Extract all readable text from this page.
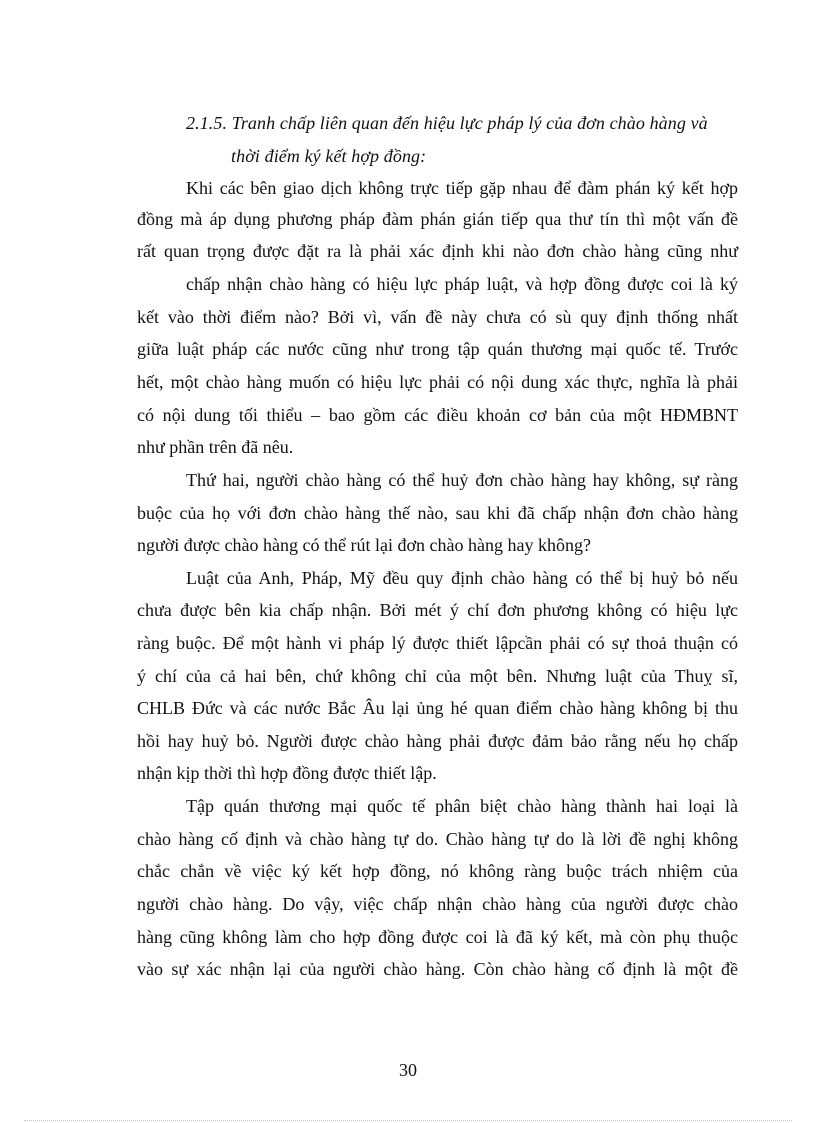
2.1.5. Tranh chấp liên quan đến hiệu lực pháp lý của đơn chào hàng và
thời điểm ký kết hợp đồng:
Khi các bên giao dịch không trực tiếp gặp nhau để đàm phán ký kết hợp
đồng mà áp dụng phương pháp đàm phán gián tiếp qua thư tín thì một vấn đề
rất quan trọng được đặt ra là phải xác định khi nào đơn chào hàng cũng như
chấp nhận chào hàng có hiệu lực pháp luật, và hợp đồng được coi là ký
kết vào thời điểm nào? Bởi vì, vấn đề này chưa có sù quy định thống nhất
giữa luật pháp các nước cũng như trong tập quán thương mại quốc tế. Trước
hết, một chào hàng muốn có hiệu lực phải có nội dung xác thực, nghĩa là phải
có nội dung tối thiểu – bao gồm các điều khoản cơ bản của một HĐMBNT
như phần trên đã nêu.
Thứ hai, người chào hàng có thể huỷ đơn chào hàng hay không, sự ràng
buộc của họ với đơn chào hàng thế nào, sau khi đã chấp nhận đơn chào hàng
người được chào hàng có thể rút lại đơn chào hàng hay không?
Luật của Anh, Pháp, Mỹ đều quy định chào hàng có thể bị huỷ bỏ nếu
chưa được bên kia chấp nhận. Bởi mét ý chí đơn phương không có hiệu lực
ràng buộc. Để một hành vi pháp lý được thiết lậpcần phải có sự thoả thuận có
ý chí của cả hai bên, chứ không chỉ của một bên. Nhưng luật của Thuỵ sĩ,
CHLB Đức và các nước Bắc Âu lại ủng hé quan điểm chào hàng không bị thu
hồi hay huỷ bỏ. Người được chào hàng phải được đảm bảo rằng nếu họ chấp
nhận kịp thời thì hợp đồng được thiết lập.
Tập quán thương mại quốc tế phân biệt chào hàng thành hai loại là
chào hàng cố định và chào hàng tự do. Chào hàng tự do là lời đề nghị không
chắc chắn về việc ký kết hợp đồng, nó không ràng buộc trách nhiệm của
người chào hàng. Do vậy, việc chấp nhận chào hàng của người được chào
hàng cũng không làm cho hợp đồng được coi là đã ký kết, mà còn phụ thuộc
vào sự xác nhận lại của người chào hàng. Còn chào hàng cố định là một đề
30
